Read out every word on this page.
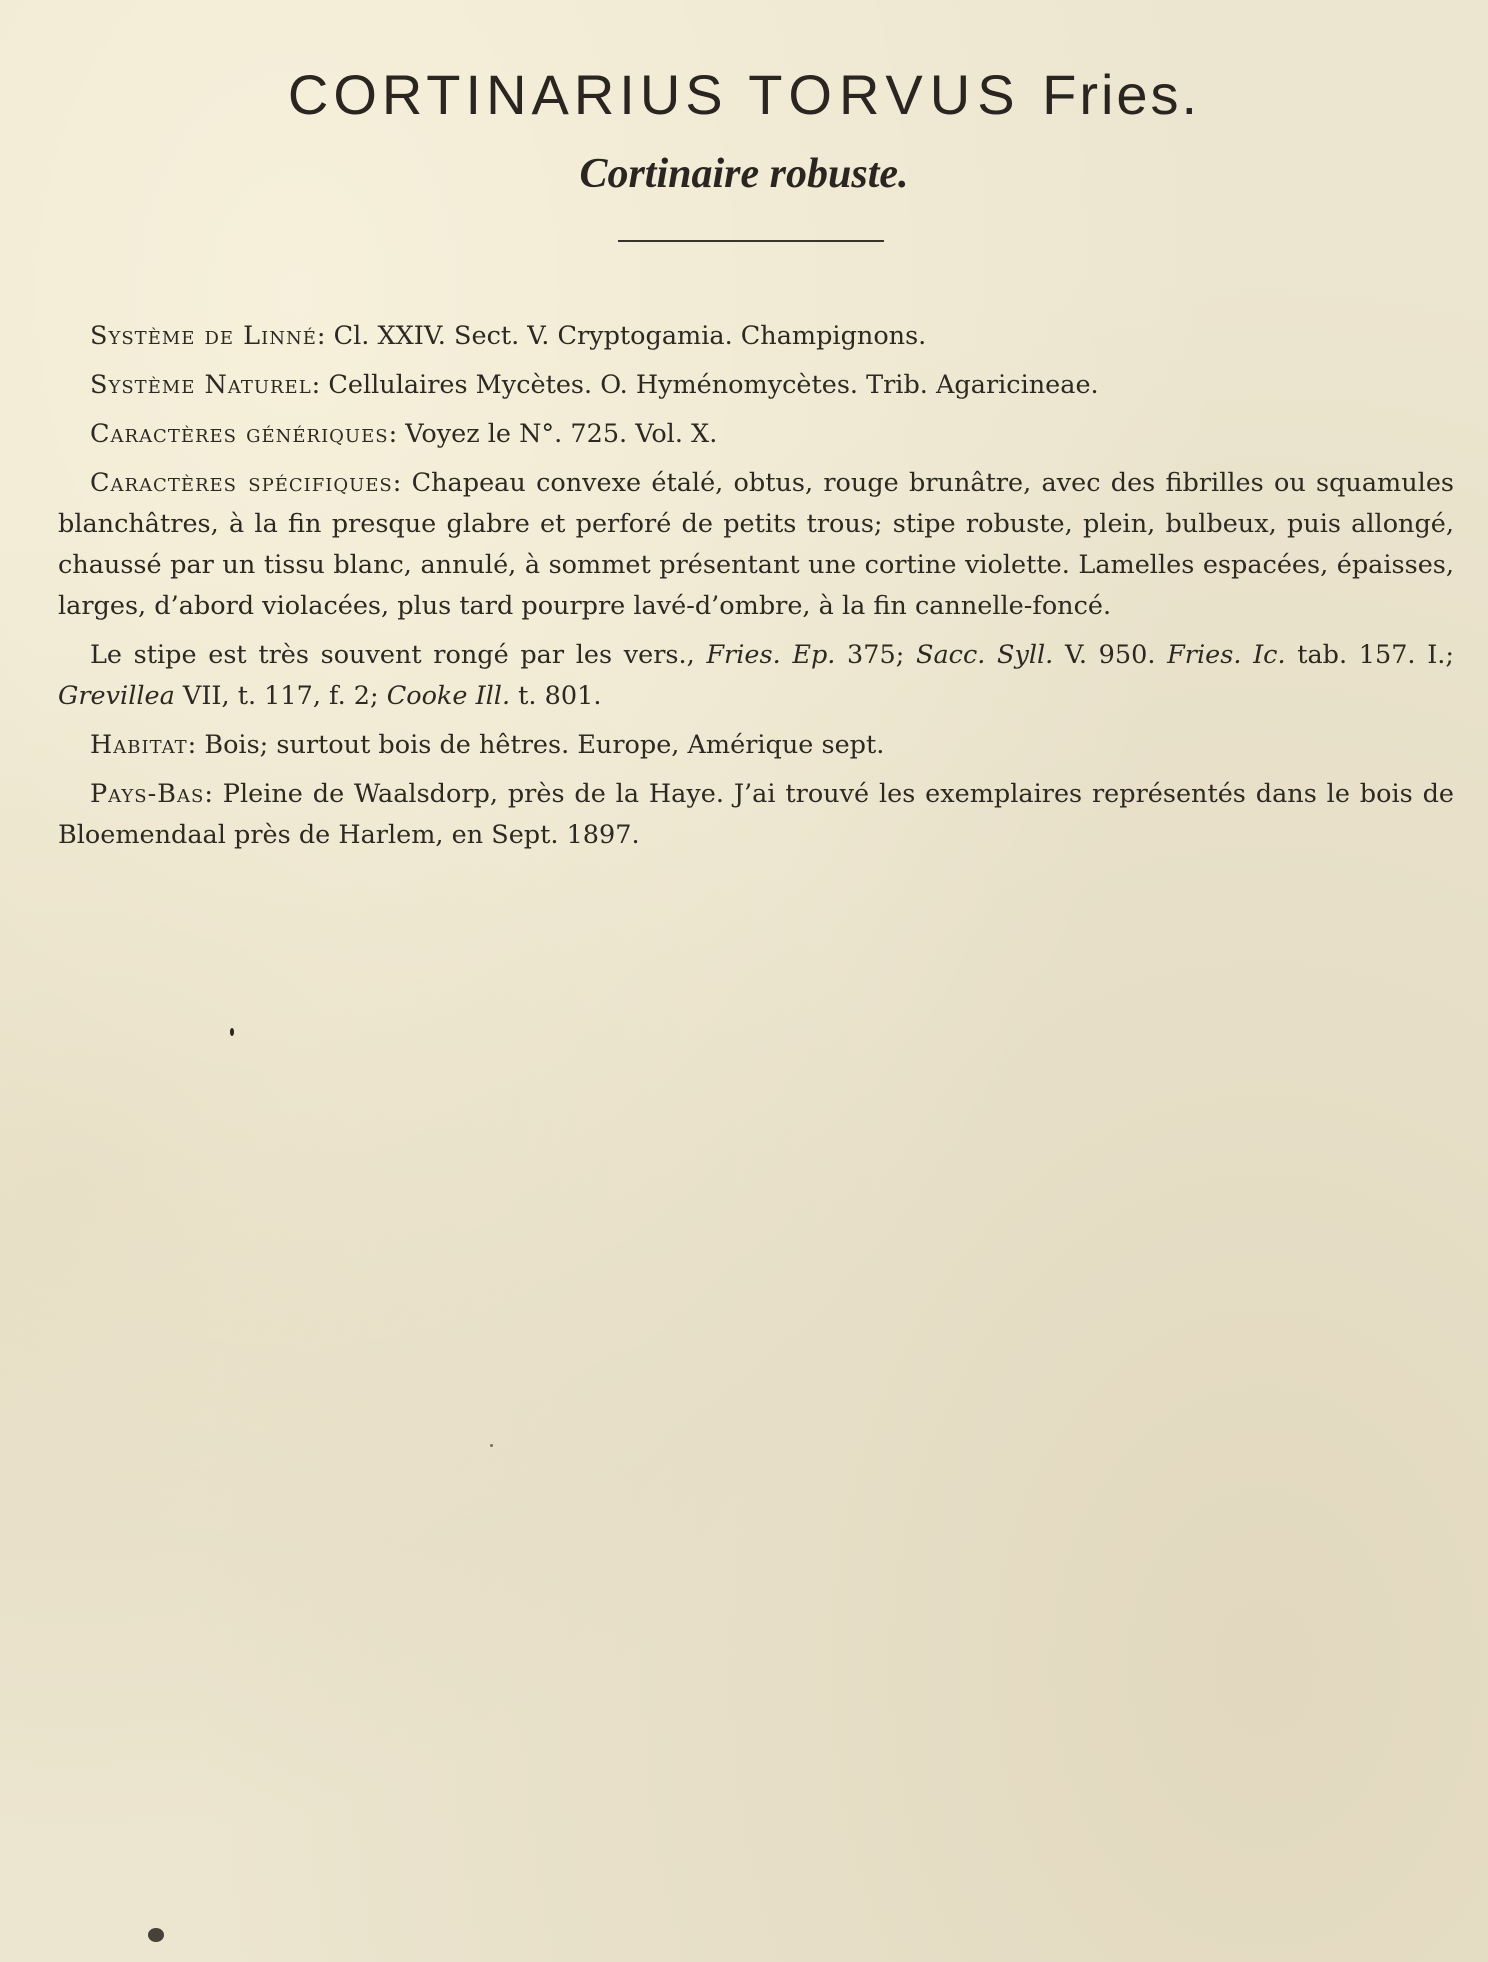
CORTINARIUS TORVUS Fries.
Cortinaire robuste.

Système de Linné: Cl. XXIV. Sect. V. Cryptogamia. Champignons.

Système Naturel: Cellulaires Mycètes. O. Hyménomycètes. Trib. Agaricineae.

Caractères génériques: Voyez le N°. 725. Vol. X.

Caractères spécifiques: Chapeau convexe étalé, obtus, rouge brunâtre, avec des fibrilles ou squamules blanchâtres, à la fin presque glabre et perforé de petits trous; stipe robuste, plein, bulbeux, puis allongé, chaussé par un tissu blanc, annulé, à sommet présentant une cortine violette. Lamelles espacées, épaisses, larges, d’abord violacées, plus tard pourpre lavé-d’ombre, à la fin cannelle-foncé.

Le stipe est très souvent rongé par les vers., Fries. Ep. 375; Sacc. Syll. V. 950. Fries. Ic. tab. 157. I.; Grevillea VII, t. 117, f. 2; Cooke Ill. t. 801.

Habitat: Bois; surtout bois de hêtres. Europe, Amérique sept.

Pays-Bas: Pleine de Waalsdorp, près de la Haye. J’ai trouvé les exemplaires représentés dans le bois de Bloemendaal près de Harlem, en Sept. 1897.
